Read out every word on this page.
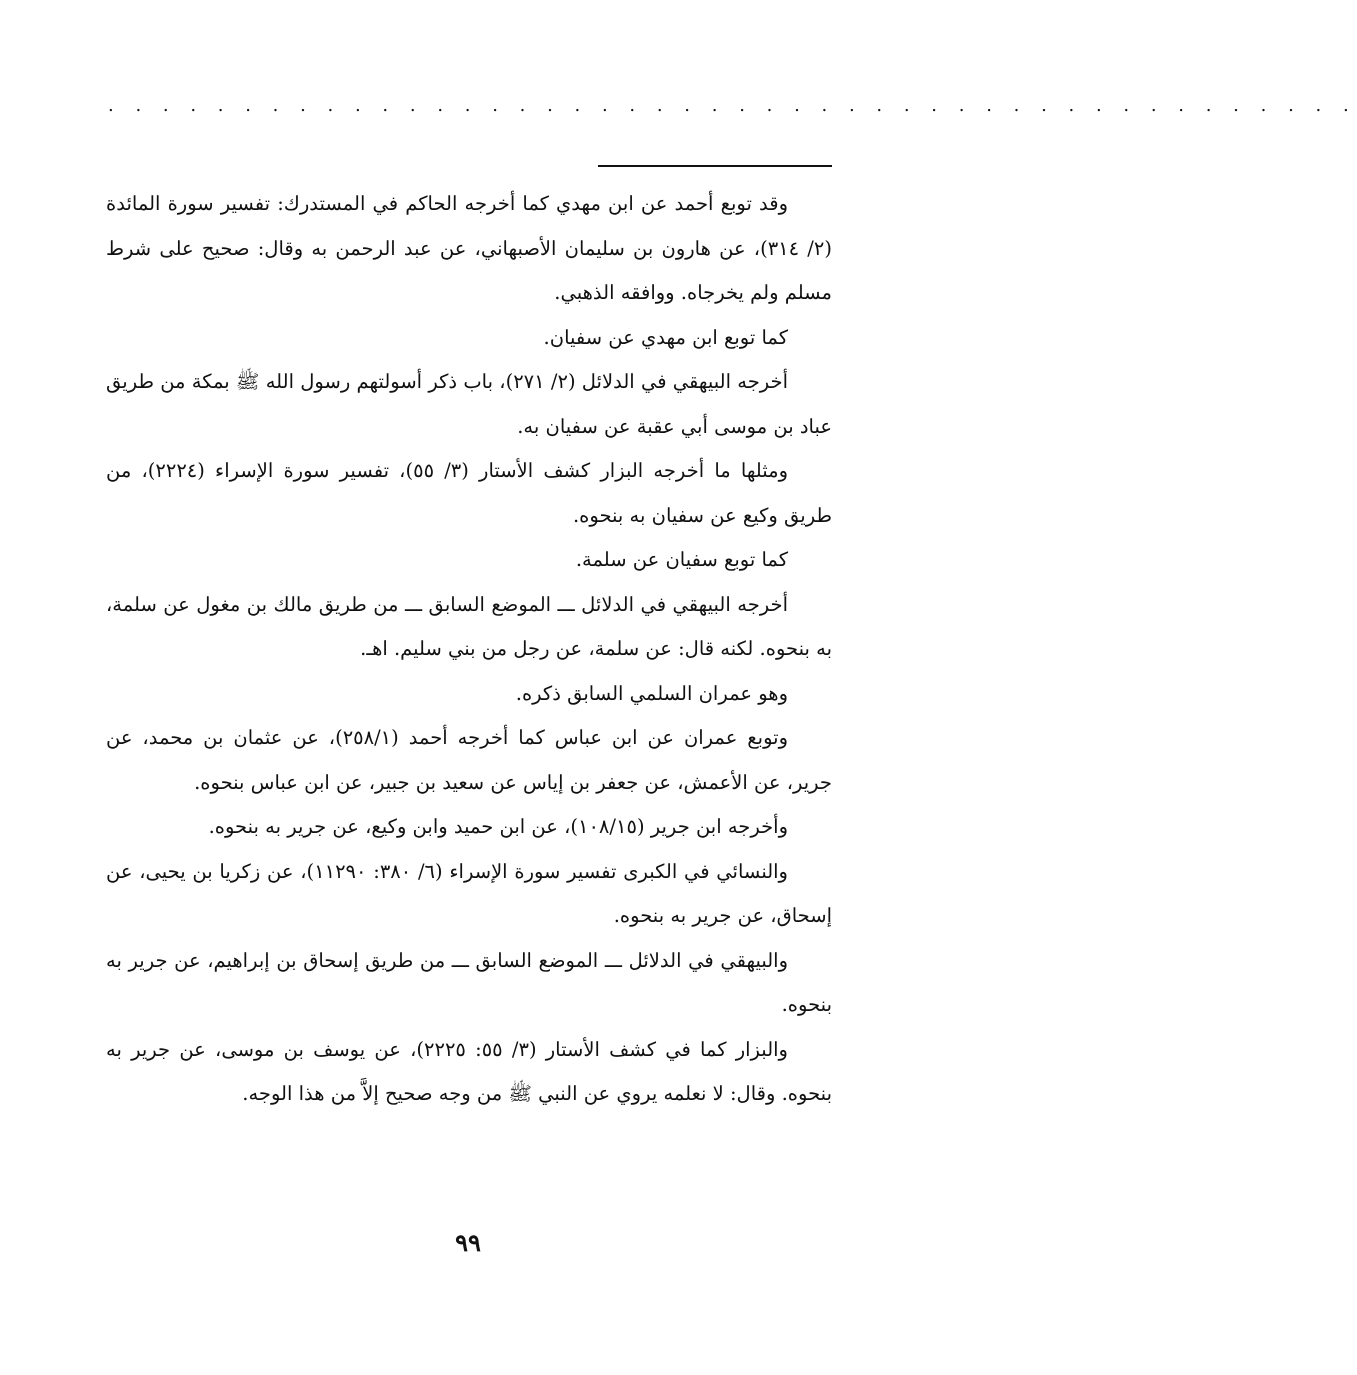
. . . . . . . . . . . . . . . . . . . . . . . . . . . . . . . . . . . . . . . . . . . . . .

وقد توبع أحمد عن ابن مهدي كما أخرجه الحاكم في المستدرك: تفسير سورة المائدة (٢/ ٣١٤)، عن هارون بن سليمان الأصبهاني، عن عبد الرحمن به وقال: صحيح على شرط مسلم ولم يخرجاه. ووافقه الذهبي.

كما توبع ابن مهدي عن سفيان.

أخرجه البيهقي في الدلائل (٢/ ٢٧١)، باب ذكر أسولتهم رسول الله ﷺ بمكة من طريق عباد بن موسى أبي عقبة عن سفيان به.

ومثلها ما أخرجه البزار كشف الأستار (٣/ ٥٥)، تفسير سورة الإسراء (٢٢٢٤)، من طريق وكيع عن سفيان به بنحوه.

كما توبع سفيان عن سلمة.

أخرجه البيهقي في الدلائل ـــ الموضع السابق ـــ من طريق مالك بن مغول عن سلمة، به بنحوه. لكنه قال: عن سلمة، عن رجل من بني سليم. اهـ.

وهو عمران السلمي السابق ذكره.

وتوبع عمران عن ابن عباس كما أخرجه أحمد (٢٥٨/١)، عن عثمان بن محمد، عن جرير، عن الأعمش، عن جعفر بن إياس عن سعيد بن جبير، عن ابن عباس بنحوه.

وأخرجه ابن جرير (١٠٨/١٥)، عن ابن حميد وابن وكيع، عن جرير به بنحوه.

والنسائي في الكبرى تفسير سورة الإسراء (٦/ ٣٨٠: ١١٢٩٠)، عن زكريا بن يحيى، عن إسحاق، عن جرير به بنحوه.

والبيهقي في الدلائل ـــ الموضع السابق ـــ من طريق إسحاق بن إبراهيم، عن جرير به بنحوه.

والبزار كما في كشف الأستار (٣/ ٥٥: ٢٢٢٥)، عن يوسف بن موسى، عن جرير به بنحوه. وقال: لا نعلمه يروي عن النبي ﷺ من وجه صحيح إلاَّ من هذا الوجه.

٩٩
